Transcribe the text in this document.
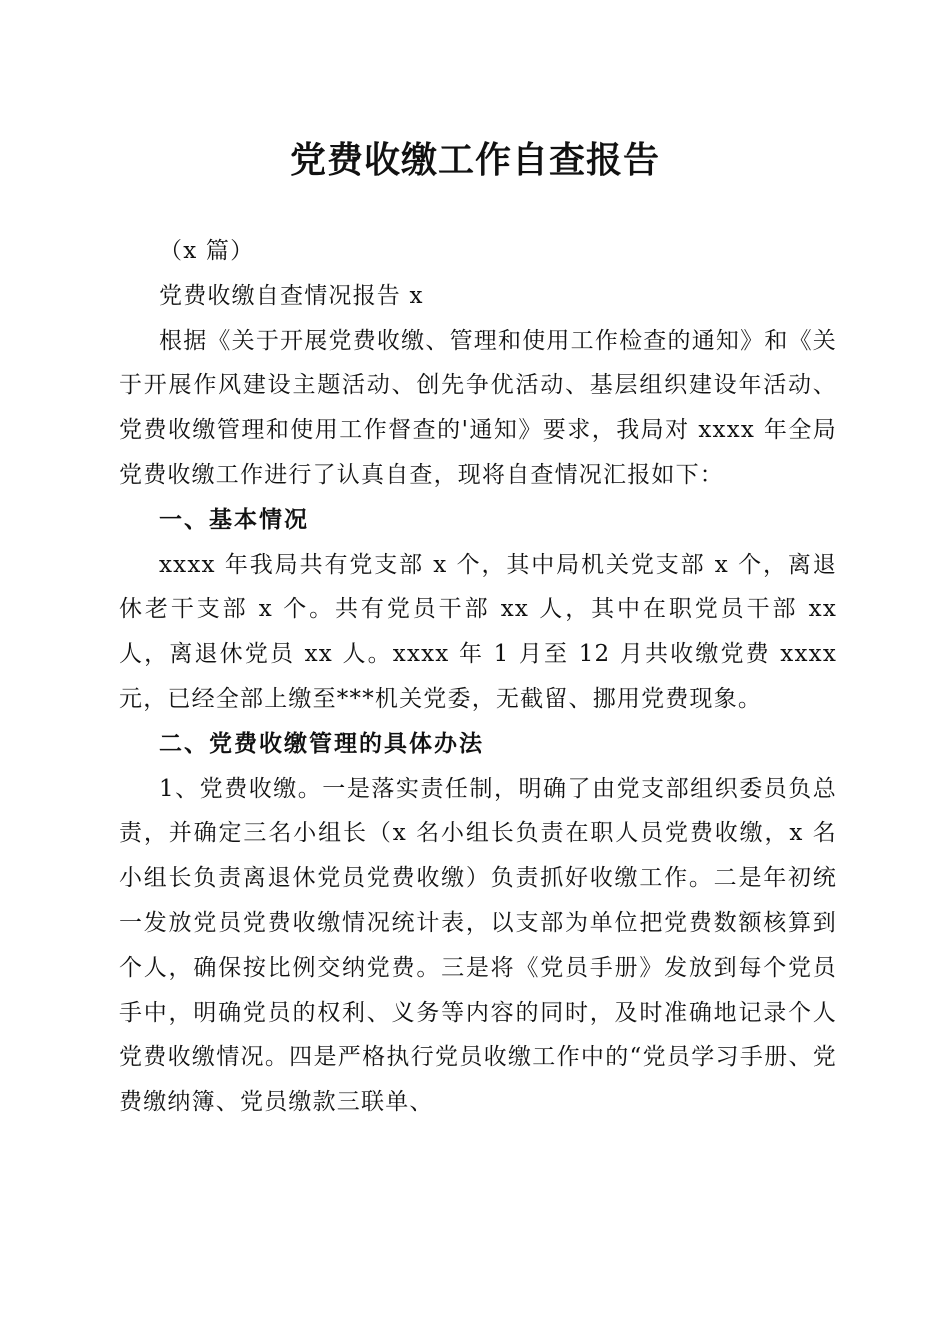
党费收缴工作自查报告

（x 篇）

党费收缴自查情况报告 x

根据《关于开展党费收缴、管理和使用工作检查的通知》和《关于开展作风建设主题活动、创先争优活动、基层组织建设年活动、党费收缴管理和使用工作督查的'通知》要求，我局对 xxxx 年全局党费收缴工作进行了认真自查，现将自查情况汇报如下：

一、基本情况

xxxx 年我局共有党支部 x 个，其中局机关党支部 x 个，离退休老干支部 x 个。共有党员干部 xx 人，其中在职党员干部 xx 人，离退休党员 xx 人。xxxx 年 1 月至 12 月共收缴党费 xxxx 元，已经全部上缴至***机关党委，无截留、挪用党费现象。

二、党费收缴管理的具体办法

1、党费收缴。一是落实责任制，明确了由党支部组织委员负总责，并确定三名小组长（x 名小组长负责在职人员党费收缴，x 名小组长负责离退休党员党费收缴）负责抓好收缴工作。二是年初统一发放党员党费收缴情况统计表，以支部为单位把党费数额核算到个人，确保按比例交纳党费。三是将《党员手册》发放到每个党员手中，明确党员的权利、义务等内容的同时，及时准确地记录个人党费收缴情况。四是严格执行党员收缴工作中的“党员学习手册、党费缴纳簿、党员缴款三联单、
